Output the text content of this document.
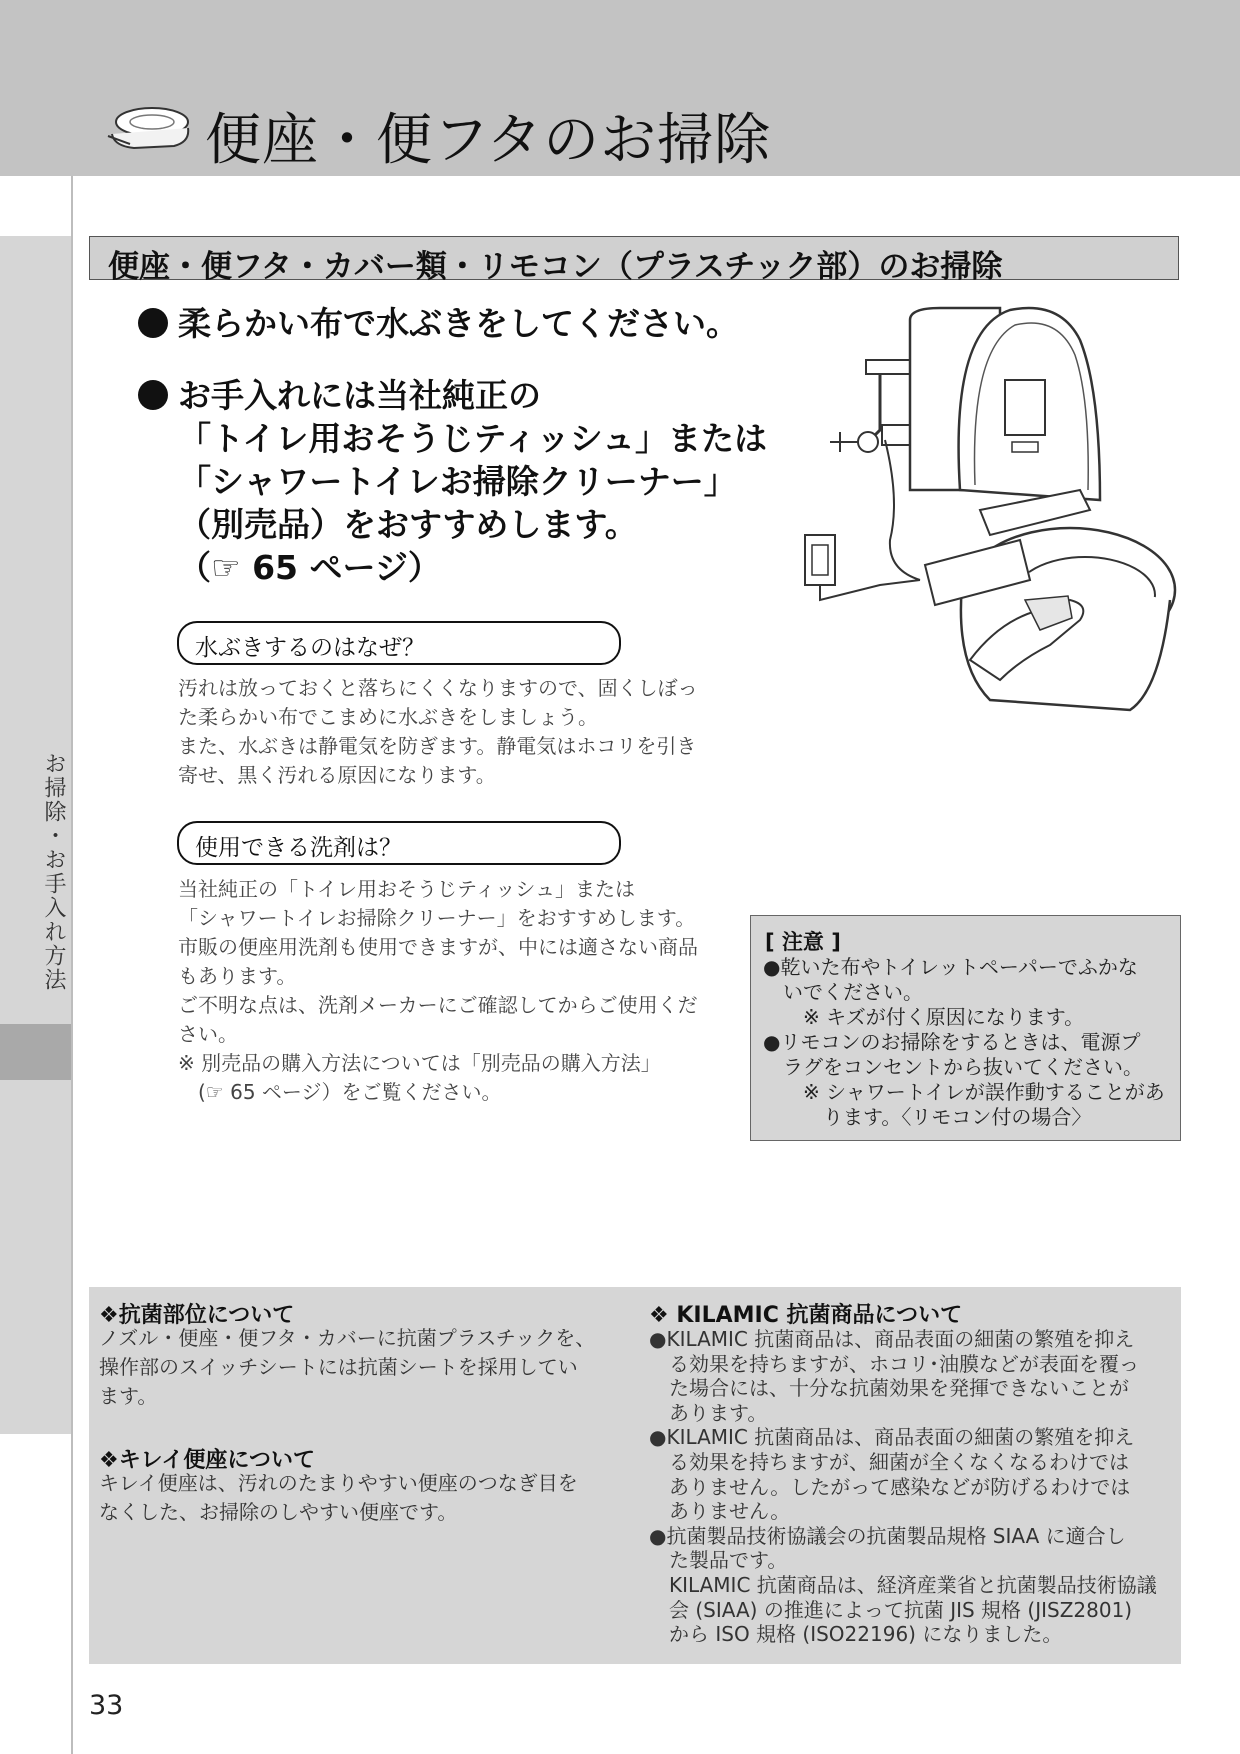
便座・便フタのお掃除
お掃除・お手入れ方法
便座・便フタ・カバー類・リモコン（プラスチック部）のお掃除
柔らかい布で水ぶきをしてください。
お手入れには当社純正の
「トイレ用おそうじティッシュ」または
「シャワートイレお掃除クリーナー」
（別売品）をおすすめします。
（☞ 65 ページ）
水ぶきするのはなぜ？
汚れは放っておくと落ちにくくなりますので、固くしぼっ
た柔らかい布でこまめに水ぶきをしましょう。
また、水ぶきは静電気を防ぎます。静電気はホコリを引き
寄せ、黒く汚れる原因になります。
使用できる洗剤は？
当社純正の「トイレ用おそうじティッシュ」または
「シャワートイレお掃除クリーナー」をおすすめします。
市販の便座用洗剤も使用できますが、中には適さない商品
もあります。
ご不明な点は、洗剤メーカーにご確認してからご使用くだ
さい。
※ 別売品の購入方法については「別売品の購入方法」
　(☞ 65 ページ）をご覧ください。
[ 注意 ]
●乾いた布やトイレットペーパーでふかな
　いでください。
　　※ キズが付く原因になります。
●リモコンのお掃除をするときは、電源プ
　ラグをコンセントから抜いてください。
　　※ シャワートイレが誤作動することがあ
　　　ります。〈リモコン付の場合〉
❖抗菌部位について
ノズル・便座・便フタ・カバーに抗菌プラスチックを、
操作部のスイッチシートには抗菌シートを採用してい
ます。
❖キレイ便座について
キレイ便座は、汚れのたまりやすい便座のつなぎ目を
なくした、お掃除のしやすい便座です。
❖ KILAMIC 抗菌商品について
●KILAMIC 抗菌商品は、商品表面の細菌の繁殖を抑え
　る効果を持ちますが、ホコリ･油膜などが表面を覆っ
　た場合には、十分な抗菌効果を発揮できないことが
　あります。
●KILAMIC 抗菌商品は、商品表面の細菌の繁殖を抑え
　る効果を持ちますが、細菌が全くなくなるわけでは
　ありません。したがって感染などが防げるわけでは
　ありません。
●抗菌製品技術協議会の抗菌製品規格 SIAA に適合し
　た製品です。
　KILAMIC 抗菌商品は、経済産業省と抗菌製品技術協議
　会 (SIAA) の推進によって抗菌 JIS 規格 (JISZ2801)
　から ISO 規格 (ISO22196) になりました。
33
